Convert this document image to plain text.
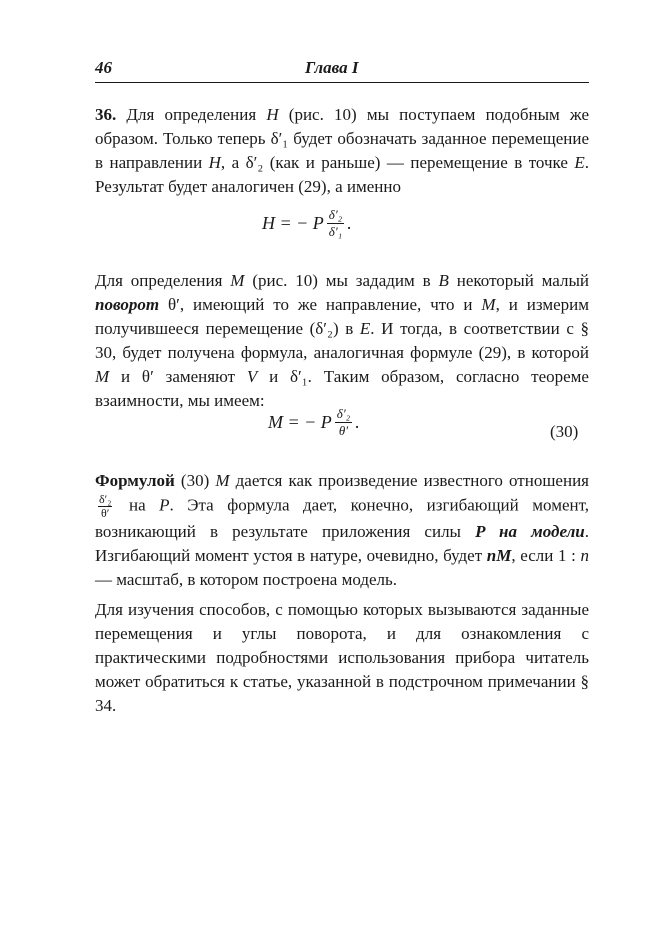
46	Глава I
36. Для определения H (рис. 10) мы поступаем подобным же образом. Только теперь δ′₁ будет обозначать заданное перемещение в направлении H, а δ′₂ (как и раньше) — перемещение в точке E. Результат будет аналогичен (29), а именно
H = − P $\frac{\text{δ′₂}}{\text{δ′₁}}$ .
Для определения M (рис. 10) мы зададим в B некоторый малый поворот θ′, имеющий то же направление, что и M, и измерим получившееся перемещение (δ′₂) в E. И тогда, в соответствии с § 30, будет получена формула, аналогичная формуле (29), в которой M и θ′ заменяют V и δ′₁. Таким образом, согласно теореме взаимности, мы имеем:
M = − P $\frac{\text{δ′₂}}{\theta'}$ .	(30)
Формулой (30) M дается как произведение известного отношения
$\frac{\text{δ′₂}}{\theta'}$ на P. Эта формула дает, конечно, изгибающий момент, возникающий в результате приложения силы P на модели. Изгибающий момент устоя в натуре, очевидно, будет nM, если 1 : n — масштаб, в котором построена модель.
Для изучения способов, с помощью которых вызываются заданные перемещения и углы поворота, и для ознакомления с практическими подробностями использования прибора читатель может обратиться к статье, указанной в подстрочном примечании § 34.
